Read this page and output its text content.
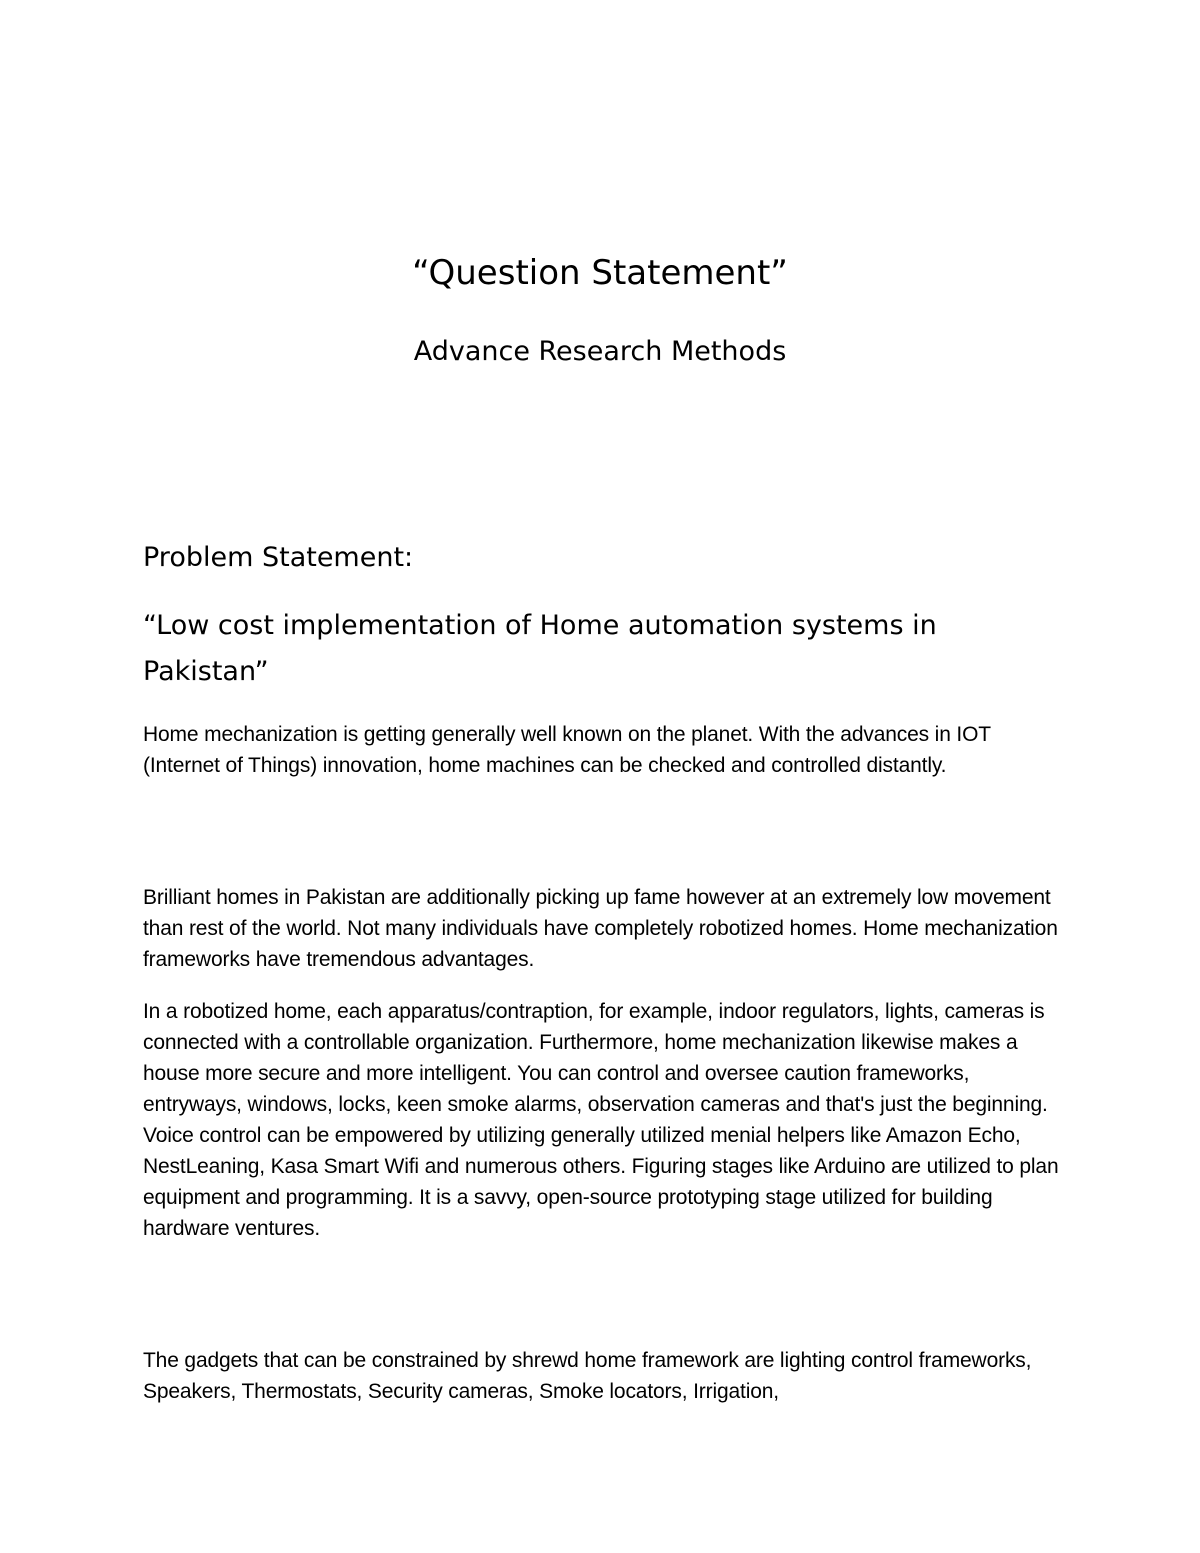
“Question Statement”
Advance Research Methods
Problem Statement:
“Low cost implementation of Home automation systems in Pakistan”

Home mechanization is getting generally well known on the planet. With the advances in IOT (Internet of Things) innovation, home machines can be checked and controlled distantly.

Brilliant homes in Pakistan are additionally picking up fame however at an extremely low movement than rest of the world. Not many individuals have completely robotized homes. Home mechanization frameworks have tremendous advantages.

In a robotized home, each apparatus/contraption, for example, indoor regulators, lights, cameras is connected with a controllable organization. Furthermore, home mechanization likewise makes a house more secure and more intelligent. You can control and oversee caution frameworks, entryways, windows, locks, keen smoke alarms, observation cameras and that's just the beginning. Voice control can be empowered by utilizing generally utilized menial helpers like Amazon Echo, NestLeaning, Kasa Smart Wifi and numerous others. Figuring stages like Arduino are utilized to plan equipment and programming. It is a savvy, open-source prototyping stage utilized for building hardware ventures.

The gadgets that can be constrained by shrewd home framework are lighting control frameworks, Speakers, Thermostats, Security cameras, Smoke locators, Irrigation,
